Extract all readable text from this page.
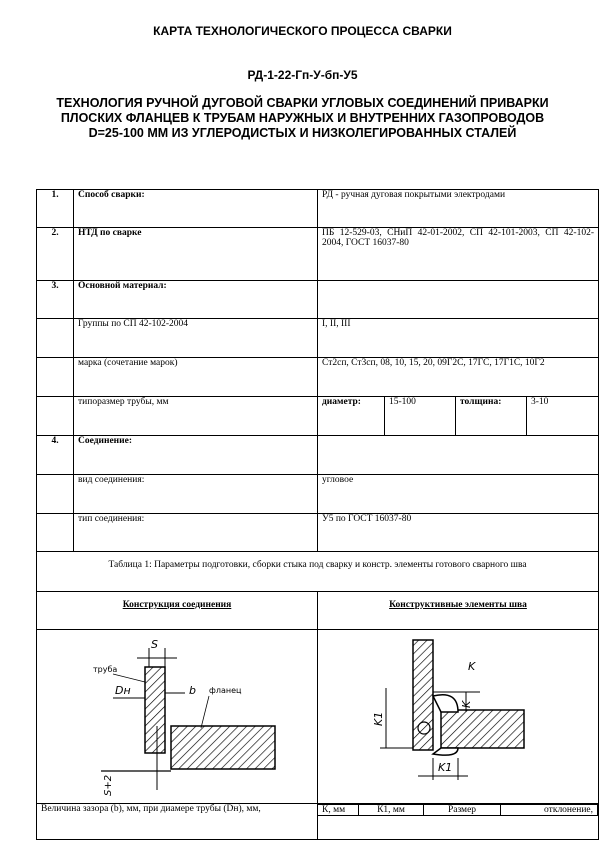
КАРТА ТЕХНОЛОГИЧЕСКОГО ПРОЦЕССА СВАРКИ
РД-1-22-Гп-У-бп-У5
ТЕХНОЛОГИЯ РУЧНОЙ ДУГОВОЙ СВАРКИ УГЛОВЫХ СОЕДИНЕНИЙ ПРИВАРКИ
ПЛОСКИХ ФЛАНЦЕВ К ТРУБАМ НАРУЖНЫХ И ВНУТРЕННИХ ГАЗОПРОВОДОВ
D=25-100 ММ ИЗ УГЛЕРОДИСТЫХ И НИЗКОЛЕГИРОВАННЫХ СТАЛЕЙ
1.	Способ сварки:	РД - ручная дуговая покрытыми электродами
2.	НТД по сварке	ПБ 12-529-03, СНиП 42-01-2002, СП 42-101-2003, СП 42-102-2004, ГОСТ 16037-80
3.	Основной материал:	
	Группы по СП 42-102-2004	I, II, III
	марка (сочетание марок)	Ст2сп, Ст3сп, 08, 10, 15, 20, 09Г2С, 17ГС, 17Г1С, 10Г2
	типоразмер трубы, мм	диаметр:	15-100	толщина:	3-10
4.	Соединение:	
	вид соединения:	угловое
	тип соединения:	У5 по ГОСТ 16037-80
Таблица 1: Параметры подготовки, сборки стыка под сварку и констр. элементы готового сварного шва
Конструкция соединения	Конструктивные элементы шва

S
труба
Dн	b фланец
S+2

K1
K
K
K1

Величина зазора (b), мм, при диамере трубы (Dн), мм,		К, мм	К1, мм	Размер	отклонение,
